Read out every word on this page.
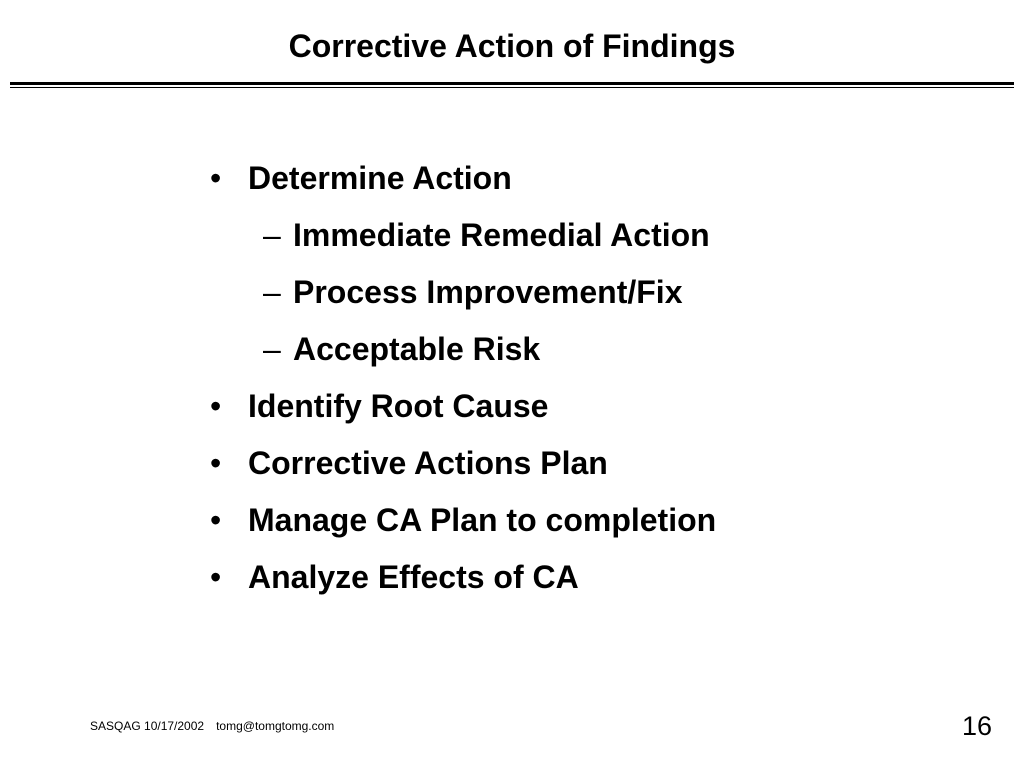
Corrective Action of Findings
• Determine Action
– Immediate Remedial Action
– Process Improvement/Fix
– Acceptable Risk
• Identify Root Cause
• Corrective Actions Plan
• Manage CA Plan to completion
• Analyze Effects of CA
SASQAG 10/17/2002 tomg@tomgtomg.com	16
